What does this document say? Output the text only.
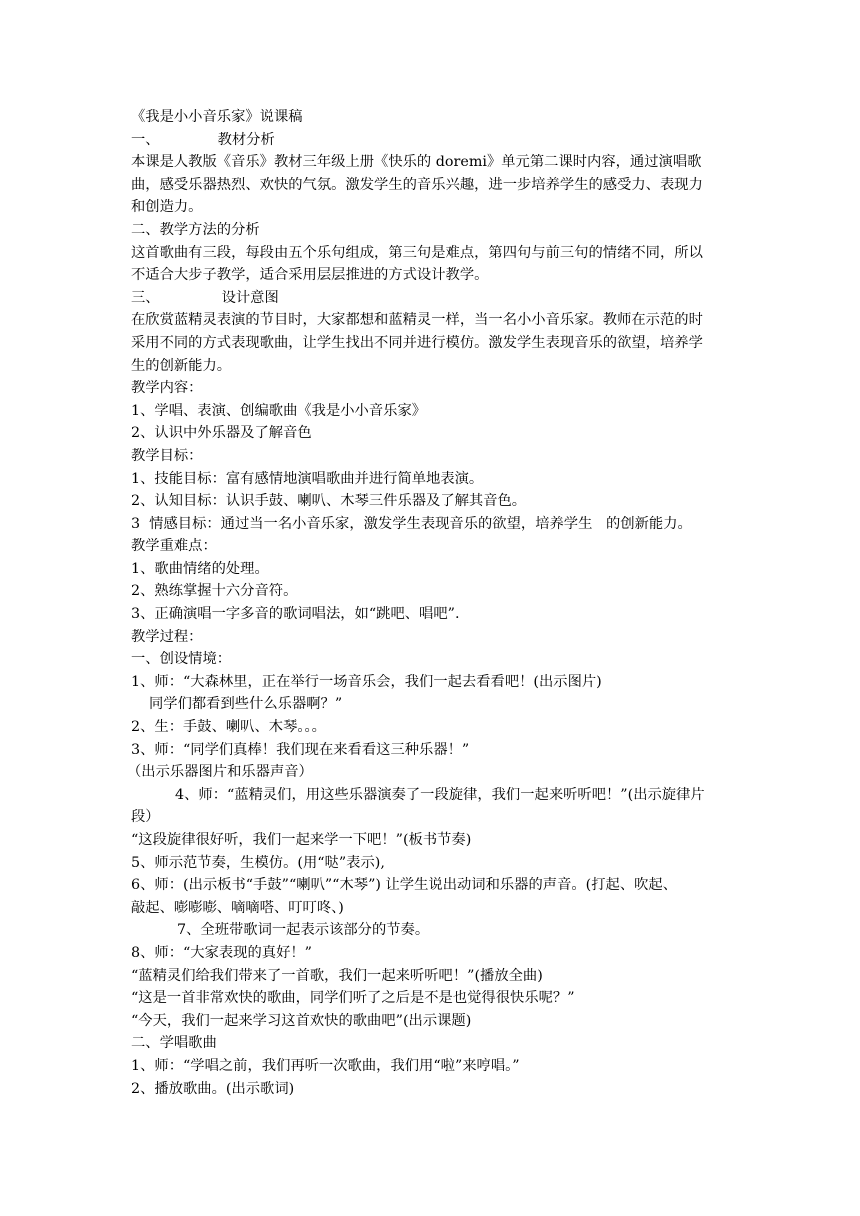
《我是小小音乐家》说课稿
一、	教材分析
本课是人教版《音乐》教材三年级上册《快乐的 doremi》单元第二课时内容，通过演唱歌
曲，感受乐器热烈、欢快的气氛。激发学生的音乐兴趣，进一步培养学生的感受力、表现力
和创造力。
二、教学方法的分析
这首歌曲有三段，每段由五个乐句组成，第三句是难点，第四句与前三句的情绪不同，所以
不适合大步子教学，适合采用层层推进的方式设计教学。
三、	设计意图
在欣赏蓝精灵表演的节目时，大家都想和蓝精灵一样，当一名小小音乐家。教师在示范的时
采用不同的方式表现歌曲，让学生找出不同并进行模仿。激发学生表现音乐的欲望，培养学
生的创新能力。
教学内容：
1、学唱、表演、创编歌曲《我是小小音乐家》
2、认识中外乐器及了解音色
教学目标：
1、技能目标：富有感情地演唱歌曲并进行简单地表演。
2、认知目标：认识手鼓、喇叭、木琴三件乐器及了解其音色。
3  情感目标：通过当一名小音乐家，激发学生表现音乐的欲望，培养学生   的创新能力。
教学重难点：
1、歌曲情绪的处理。
2、熟练掌握十六分音符。
3、正确演唱一字多音的歌词唱法，如“跳吧、唱吧”.
教学过程：
一、创设情境：
1、师：“大森林里，正在举行一场音乐会，我们一起去看看吧！(出示图片)
同学们都看到些什么乐器啊？”
2、生：手鼓、喇叭、木琴。。。
3、师：“同学们真棒！我们现在来看看这三种乐器！”
（出示乐器图片和乐器声音）
4、师：“蓝精灵们，用这些乐器演奏了一段旋律，我们一起来听听吧！”(出示旋律片
段）
“这段旋律很好听，我们一起来学一下吧！”(板书节奏)
5、师示范节奏，生模仿。(用“哒”表示),
6、师：(出示板书“手鼓”“喇叭”“木琴”) 让学生说出动词和乐器的声音。(打起、吹起、
敲起、嘭嘭嘭、嘀嘀嗒、叮叮咚、)
7、全班带歌词一起表示该部分的节奏。
8、师：“大家表现的真好！”
“蓝精灵们给我们带来了一首歌，我们一起来听听吧！”(播放全曲)
“这是一首非常欢快的歌曲，同学们听了之后是不是也觉得很快乐呢？”
“今天，我们一起来学习这首欢快的歌曲吧”(出示课题)
二、学唱歌曲
1、师：“学唱之前，我们再听一次歌曲，我们用“啦”来哼唱。”
2、播放歌曲。(出示歌词)
